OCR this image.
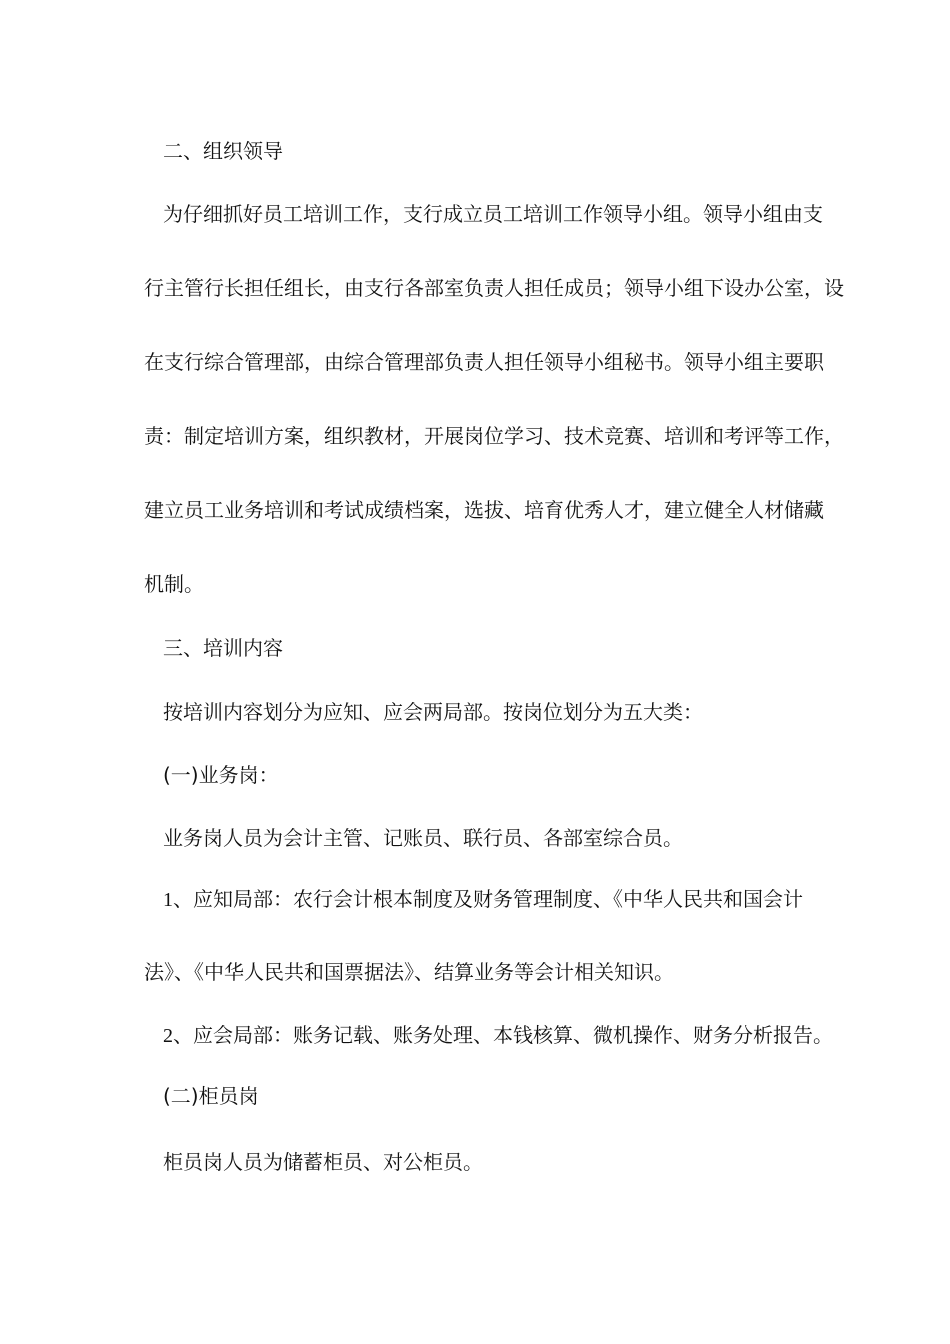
二、组织领导

为仔细抓好员工培训工作，支行成立员工培训工作领导小组。领导小组由支

行主管行长担任组长，由支行各部室负责人担任成员；领导小组下设办公室，设

在支行综合管理部，由综合管理部负责人担任领导小组秘书。领导小组主要职

责：制定培训方案，组织教材，开展岗位学习、技术竞赛、培训和考评等工作，

建立员工业务培训和考试成绩档案，选拔、培育优秀人才，建立健全人材储藏

机制。

三、培训内容

按培训内容划分为应知、应会两局部。按岗位划分为五大类：

(一)业务岗：

业务岗人员为会计主管、记账员、联行员、各部室综合员。

1、应知局部：农行会计根本制度及财务管理制度、《中华人民共和国会计

法》、《中华人民共和国票据法》、结算业务等会计相关知识。

2、应会局部：账务记载、账务处理、本钱核算、微机操作、财务分析报告。

(二)柜员岗

柜员岗人员为储蓄柜员、对公柜员。
